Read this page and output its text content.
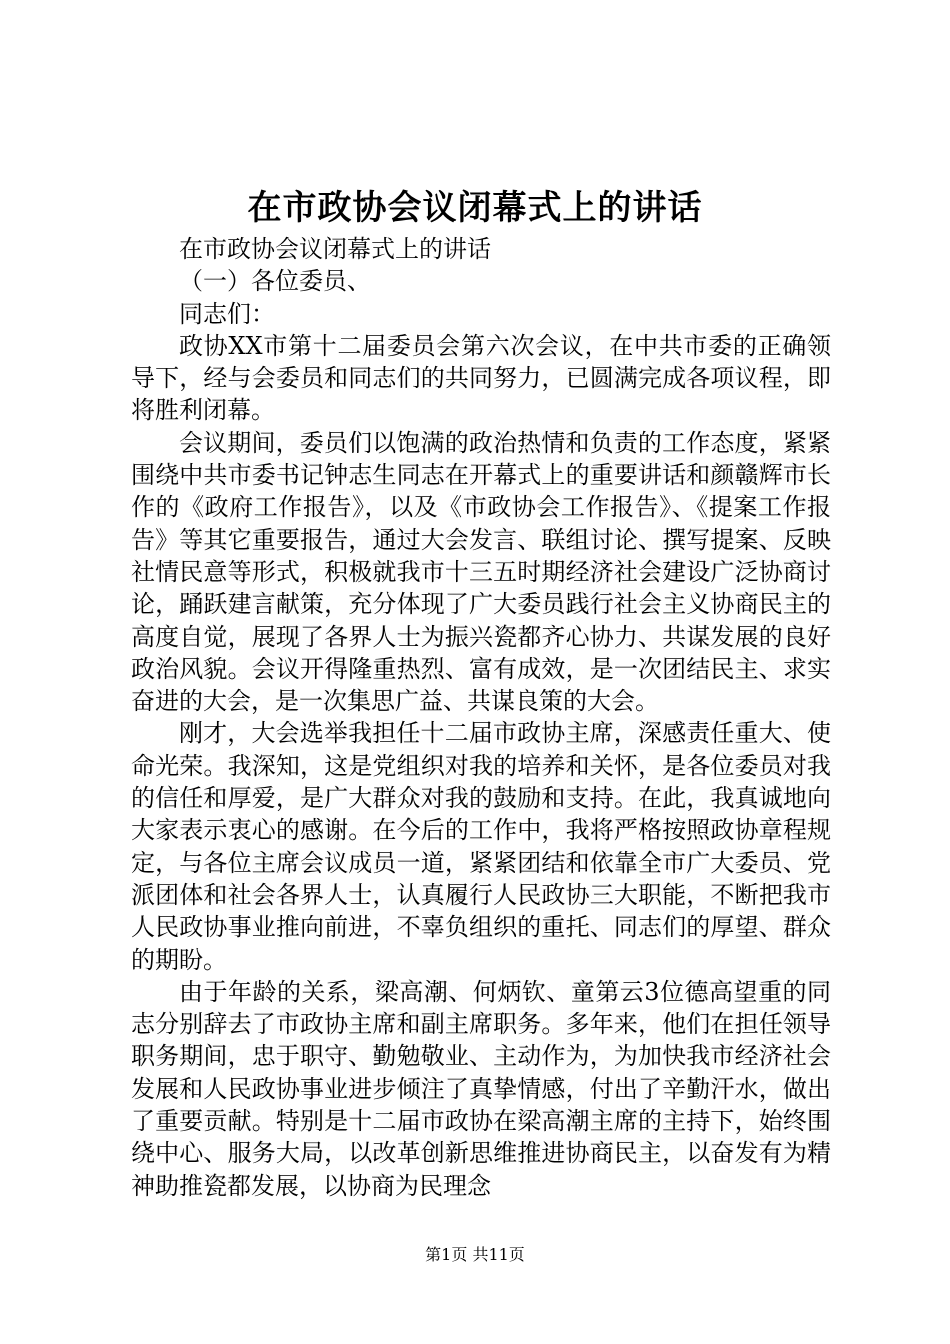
在市政协会议闭幕式上的讲话

在市政协会议闭幕式上的讲话

（一）各位委员、

同志们：

政协XX市第十二届委员会第六次会议，在中共市委的正确领导下，经与会委员和同志们的共同努力，已圆满完成各项议程，即将胜利闭幕。

会议期间，委员们以饱满的政治热情和负责的工作态度，紧紧围绕中共市委书记钟志生同志在开幕式上的重要讲话和颜赣辉市长作的《政府工作报告》，以及《市政协会工作报告》、《提案工作报告》等其它重要报告，通过大会发言、联组讨论、撰写提案、反映社情民意等形式，积极就我市十三五时期经济社会建设广泛协商讨论，踊跃建言献策，充分体现了广大委员践行社会主义协商民主的高度自觉，展现了各界人士为振兴瓷都齐心协力、共谋发展的良好政治风貌。会议开得隆重热烈、富有成效，是一次团结民主、求实奋进的大会，是一次集思广益、共谋良策的大会。

刚才，大会选举我担任十二届市政协主席，深感责任重大、使命光荣。我深知，这是党组织对我的培养和关怀，是各位委员对我的信任和厚爱，是广大群众对我的鼓励和支持。在此，我真诚地向大家表示衷心的感谢。在今后的工作中，我将严格按照政协章程规定，与各位主席会议成员一道，紧紧团结和依靠全市广大委员、党派团体和社会各界人士，认真履行人民政协三大职能，不断把我市人民政协事业推向前进，不辜负组织的重托、同志们的厚望、群众的期盼。

由于年龄的关系，梁高潮、何炳钦、童第云3位德高望重的同志分别辞去了市政协主席和副主席职务。多年来，他们在担任领导职务期间，忠于职守、勤勉敬业、主动作为，为加快我市经济社会发展和人民政协事业进步倾注了真挚情感，付出了辛勤汗水，做出了重要贡献。特别是十二届市政协在梁高潮主席的主持下，始终围绕中心、服务大局，以改革创新思维推进协商民主，以奋发有为精神助推瓷都发展，以协商为民理念

第1页 共11页
